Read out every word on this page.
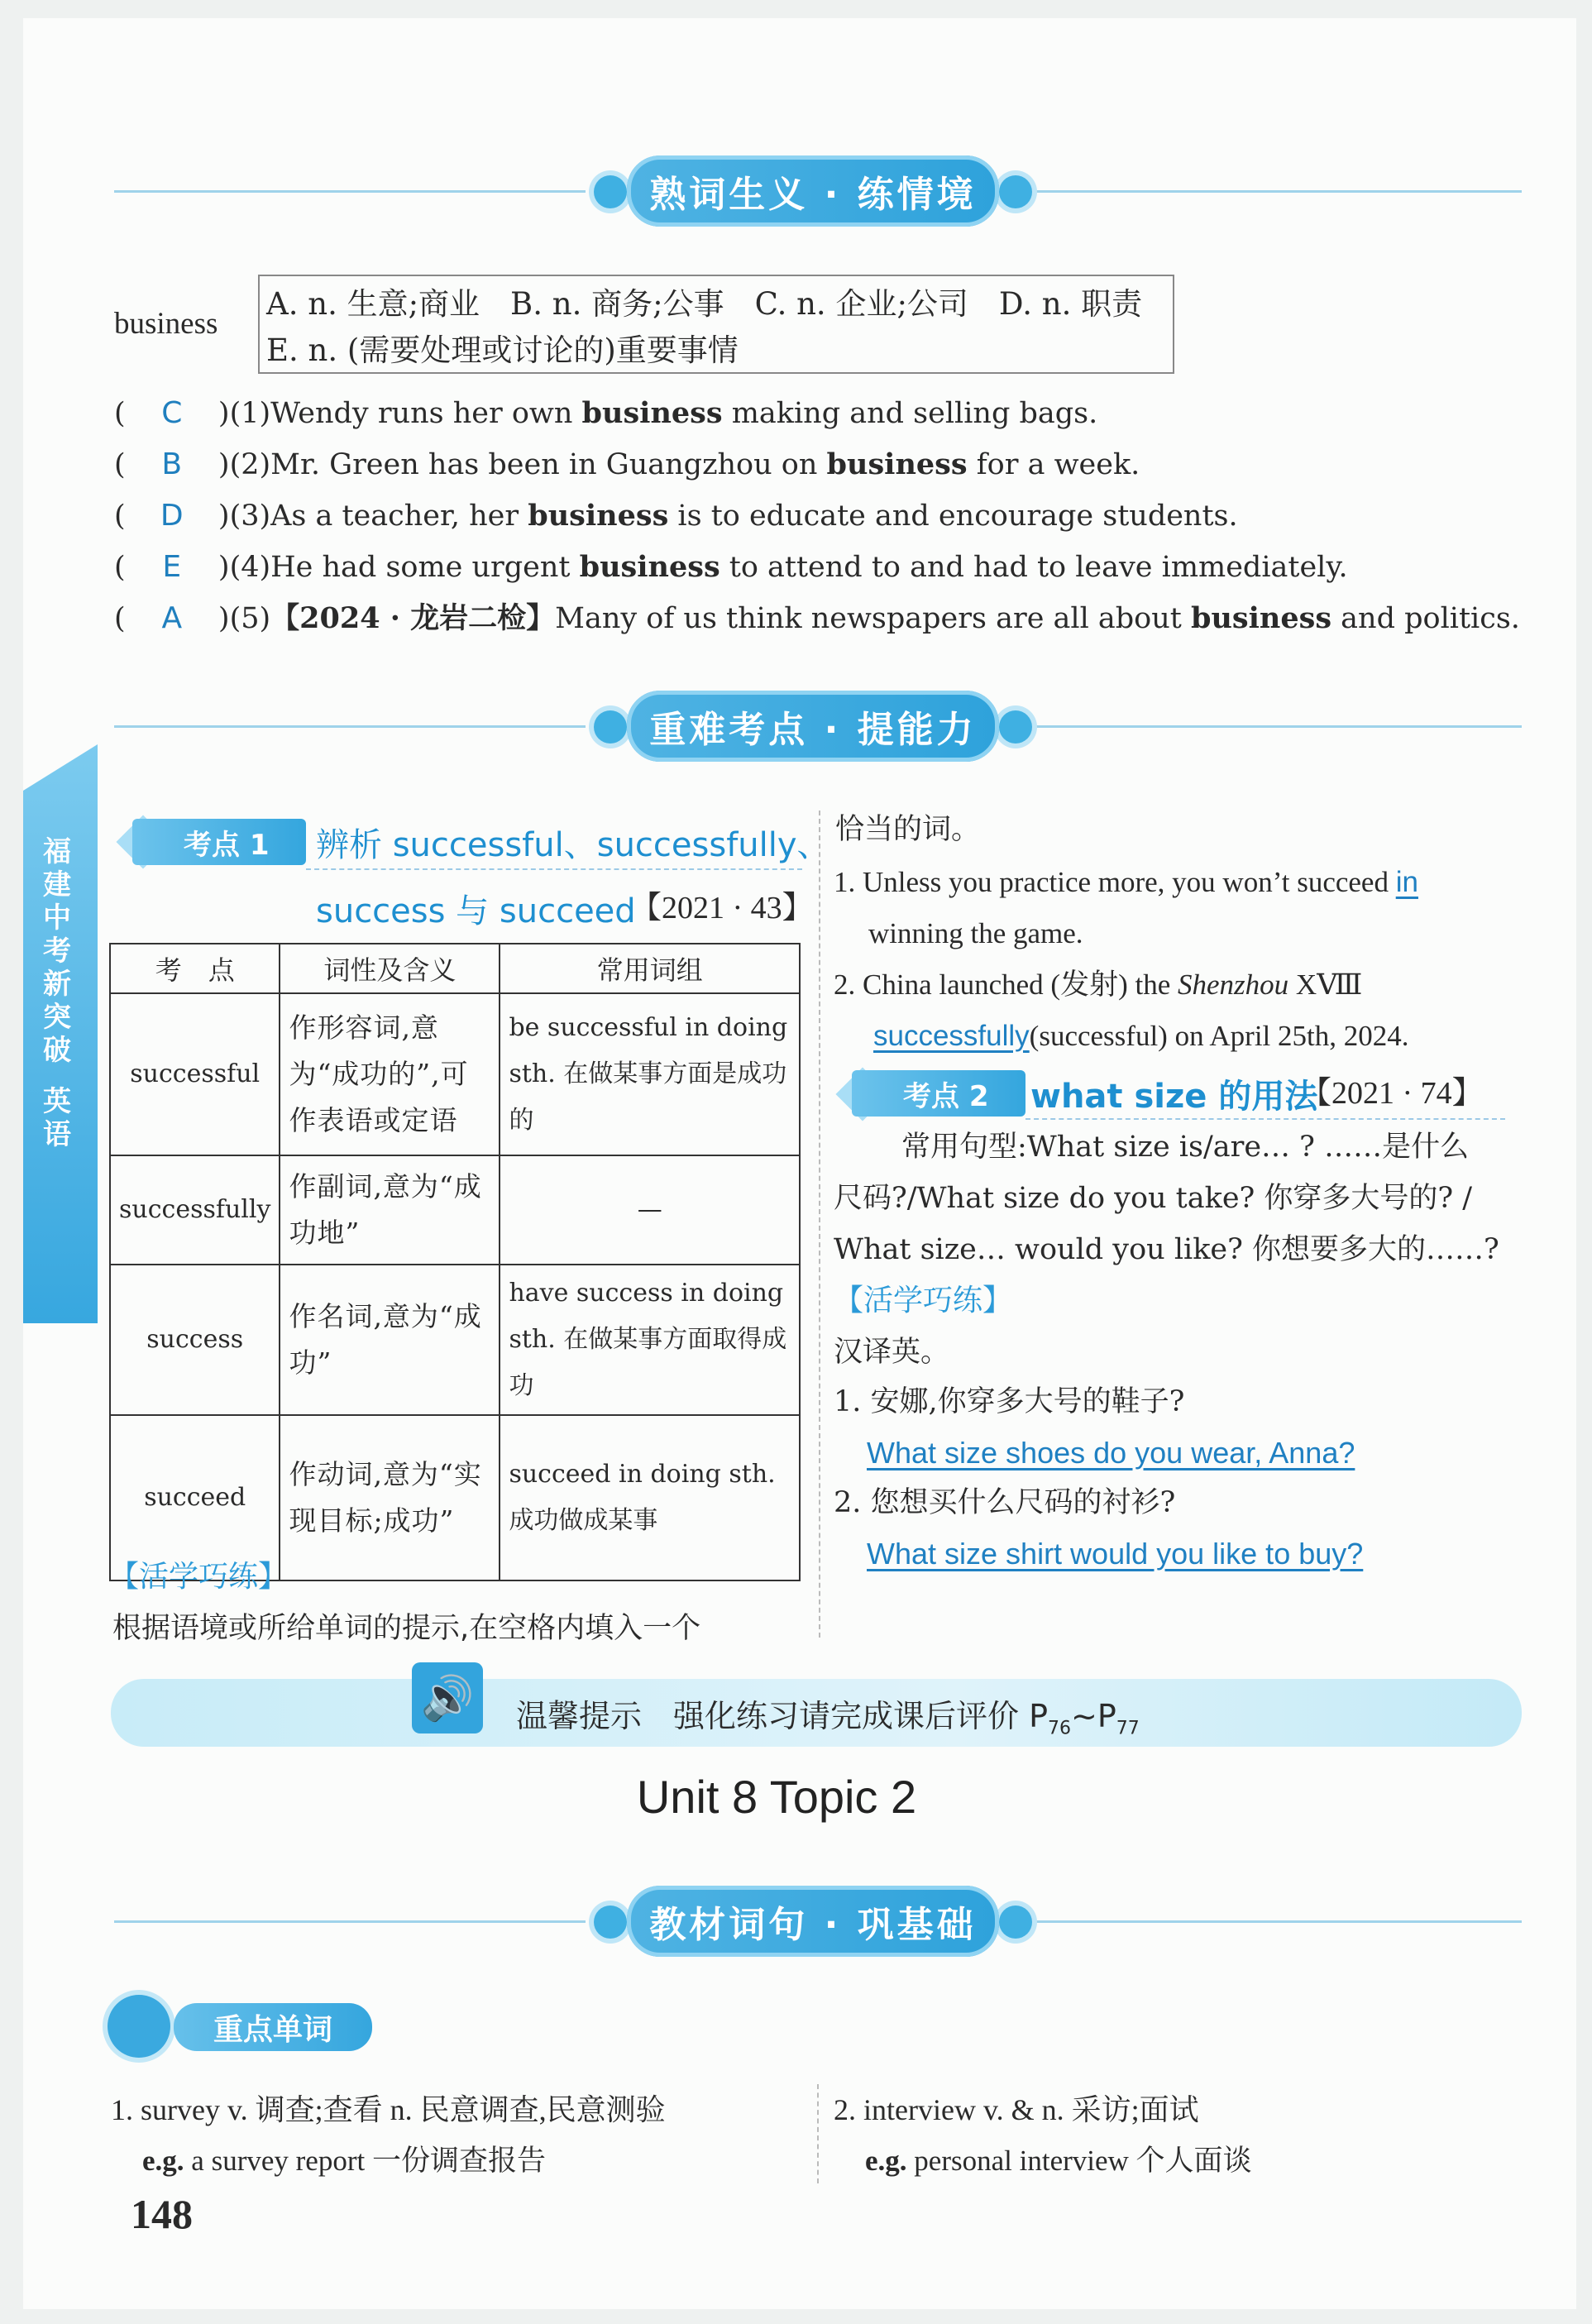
福
建
中
考
新
突
破
英
语
熟词生义 · 练情境
business
A. n. 生意;商业　B. n. 商务;公事　C. n. 企业;公司　D. n. 职责
E. n. (需要处理或讨论的)重要事情
( C )(1)Wendy runs her own business making and selling bags.
( B )(2)Mr. Green has been in Guangzhou on business for a week.
( D )(3)As a teacher, her business is to educate and encourage students.
( E )(4)He had some urgent business to attend to and had to leave immediately.
( A )(5)【2024 · 龙岩二检】Many of us think newspapers are all about business and politics.
重难考点 · 提能力
考点 1	辨析 successful、successfully、
success 与 succeed
【2021 · 43】
考　点	词性及含义	常用词组
successful	作形容词,意为“成功的”,可作表语或定语	be successful in doing sth. 在做某事方面是成功的
successfully	作副词,意为“成功地”	—
success	作名词,意为“成功”	have success in doing sth. 在做某事方面取得成功
succeed	作动词,意为“实现目标;成功”	succeed in doing sth. 成功做成某事
【活学巧练】
根据语境或所给单词的提示,在空格内填入一个
恰当的词。
1. Unless you practice more, you won’t succeed in
winning the game.
2. China launched (发射) the Shenzhou XⅧ
successfully(successful) on April 25th, 2024.
考点 2	what size 的用法
【2021 · 74】
常用句型:What size is/are… ? ……是什么
尺码?/What size do you take? 你穿多大号的? /
What size… would you like? 你想要多大的……?
【活学巧练】
汉译英。
1. 安娜,你穿多大号的鞋子?
What size shoes do you wear, Anna?
2. 您想买什么尺码的衬衫?
What size shirt would you like to buy?
🔊 温馨提示　 强化练习请完成课后评价 $P_{76}\sim P_{77}$
Unit 8 Topic 2
教材词句 · 巩基础
重点单词
1. survey v. 调查;查看 n. 民意调查,民意测验
e.g. a survey report 一份调查报告
2. interview v. & n. 采访;面试
e.g. personal interview 个人面谈
148
